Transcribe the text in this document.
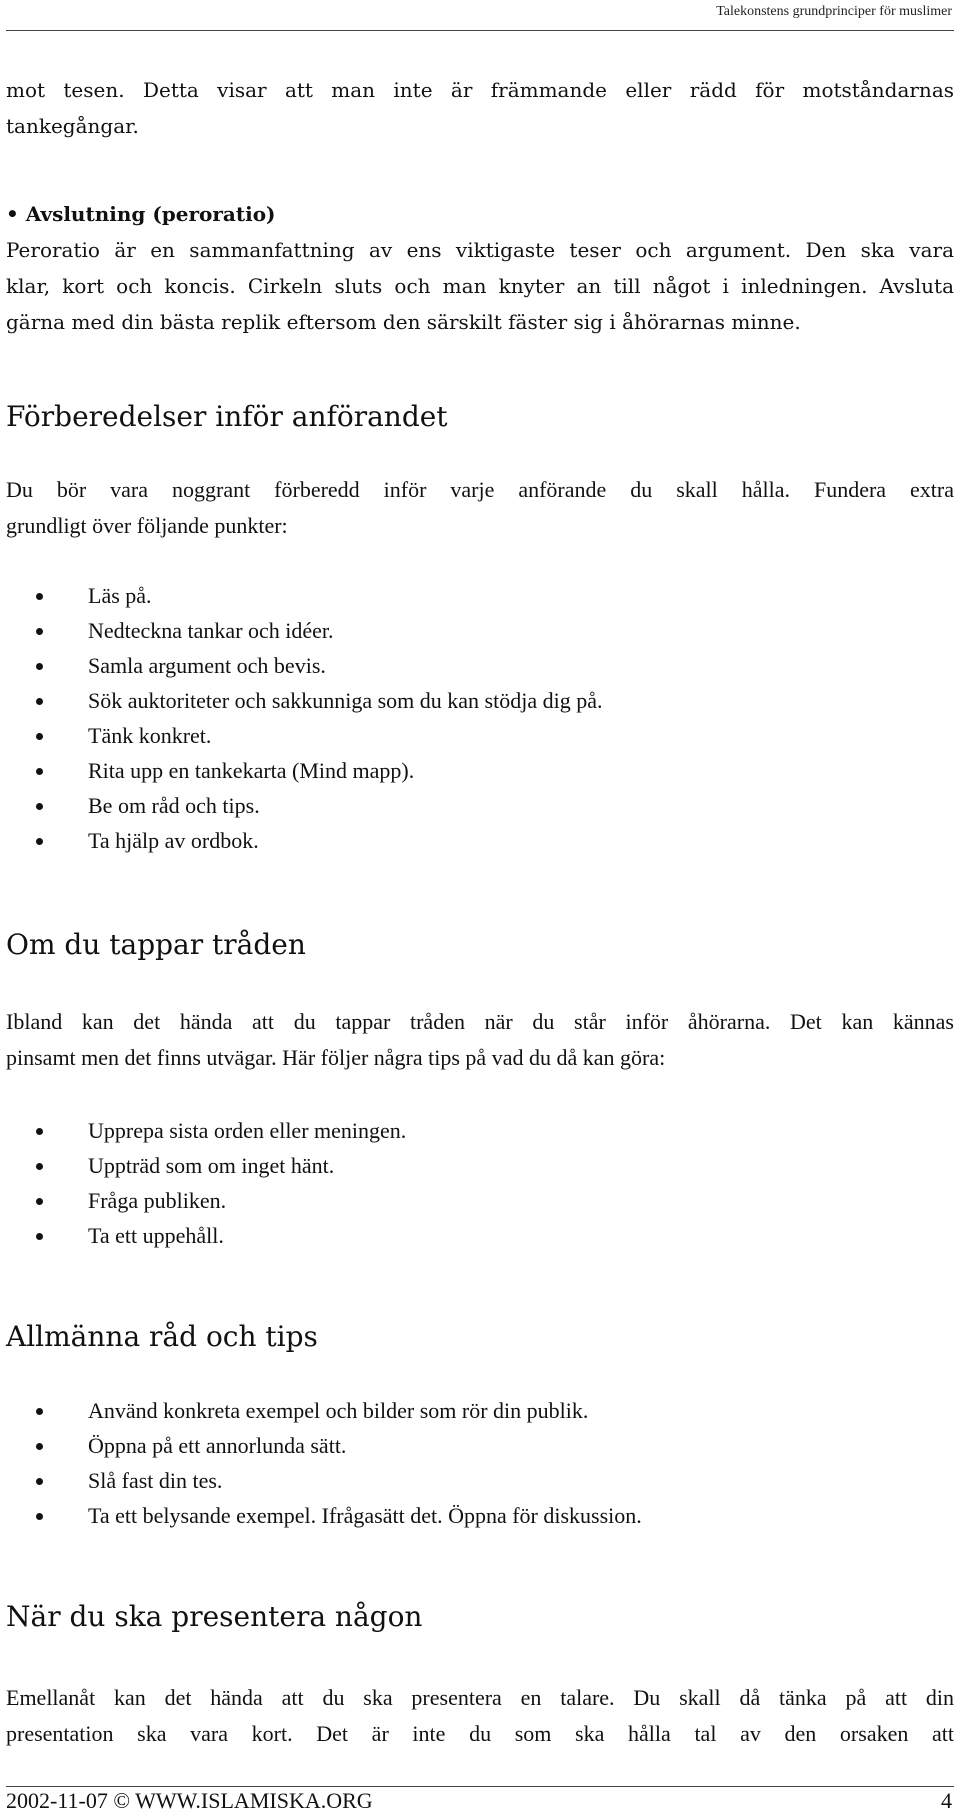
Talekonstens grundprinciper för muslimer

mot tesen. Detta visar att man inte är främmande eller rädd för motståndarnas
tankegångar.

• Avslutning (peroratio)

Peroratio är en sammanfattning av ens viktigaste teser och argument. Den ska vara
klar, kort och koncis. Cirkeln sluts och man knyter an till något i inledningen. Avsluta
gärna med din bästa replik eftersom den särskilt fäster sig i åhörarnas minne.

Förberedelser inför anförandet

Du bör vara noggrant förberedd inför varje anförande du skall hålla. Fundera extra
grundligt över följande punkter:

Läs på.
Nedteckna tankar och idéer.
Samla argument och bevis.
Sök auktoriteter och sakkunniga som du kan stödja dig på.
Tänk konkret.
Rita upp en tankekarta (Mind mapp).
Be om råd och tips.
Ta hjälp av ordbok.
Om du tappar tråden

Ibland kan det hända att du tappar tråden när du står inför åhörarna. Det kan kännas
pinsamt men det finns utvägar. Här följer några tips på vad du då kan göra:

Upprepa sista orden eller meningen.
Uppträd som om inget hänt.
Fråga publiken.
Ta ett uppehåll.
Allmänna råd och tips
Använd konkreta exempel och bilder som rör din publik.
Öppna på ett annorlunda sätt.
Slå fast din tes.
Ta ett belysande exempel. Ifrågasätt det. Öppna för diskussion.
När du ska presentera någon

Emellanåt kan det hända att du ska presentera en talare. Du skall då tänka på att din
presentation ska vara kort. Det är inte du som ska hålla tal av den orsaken att

2002-11-07 © WWW.ISLAMISKA.ORG	4
